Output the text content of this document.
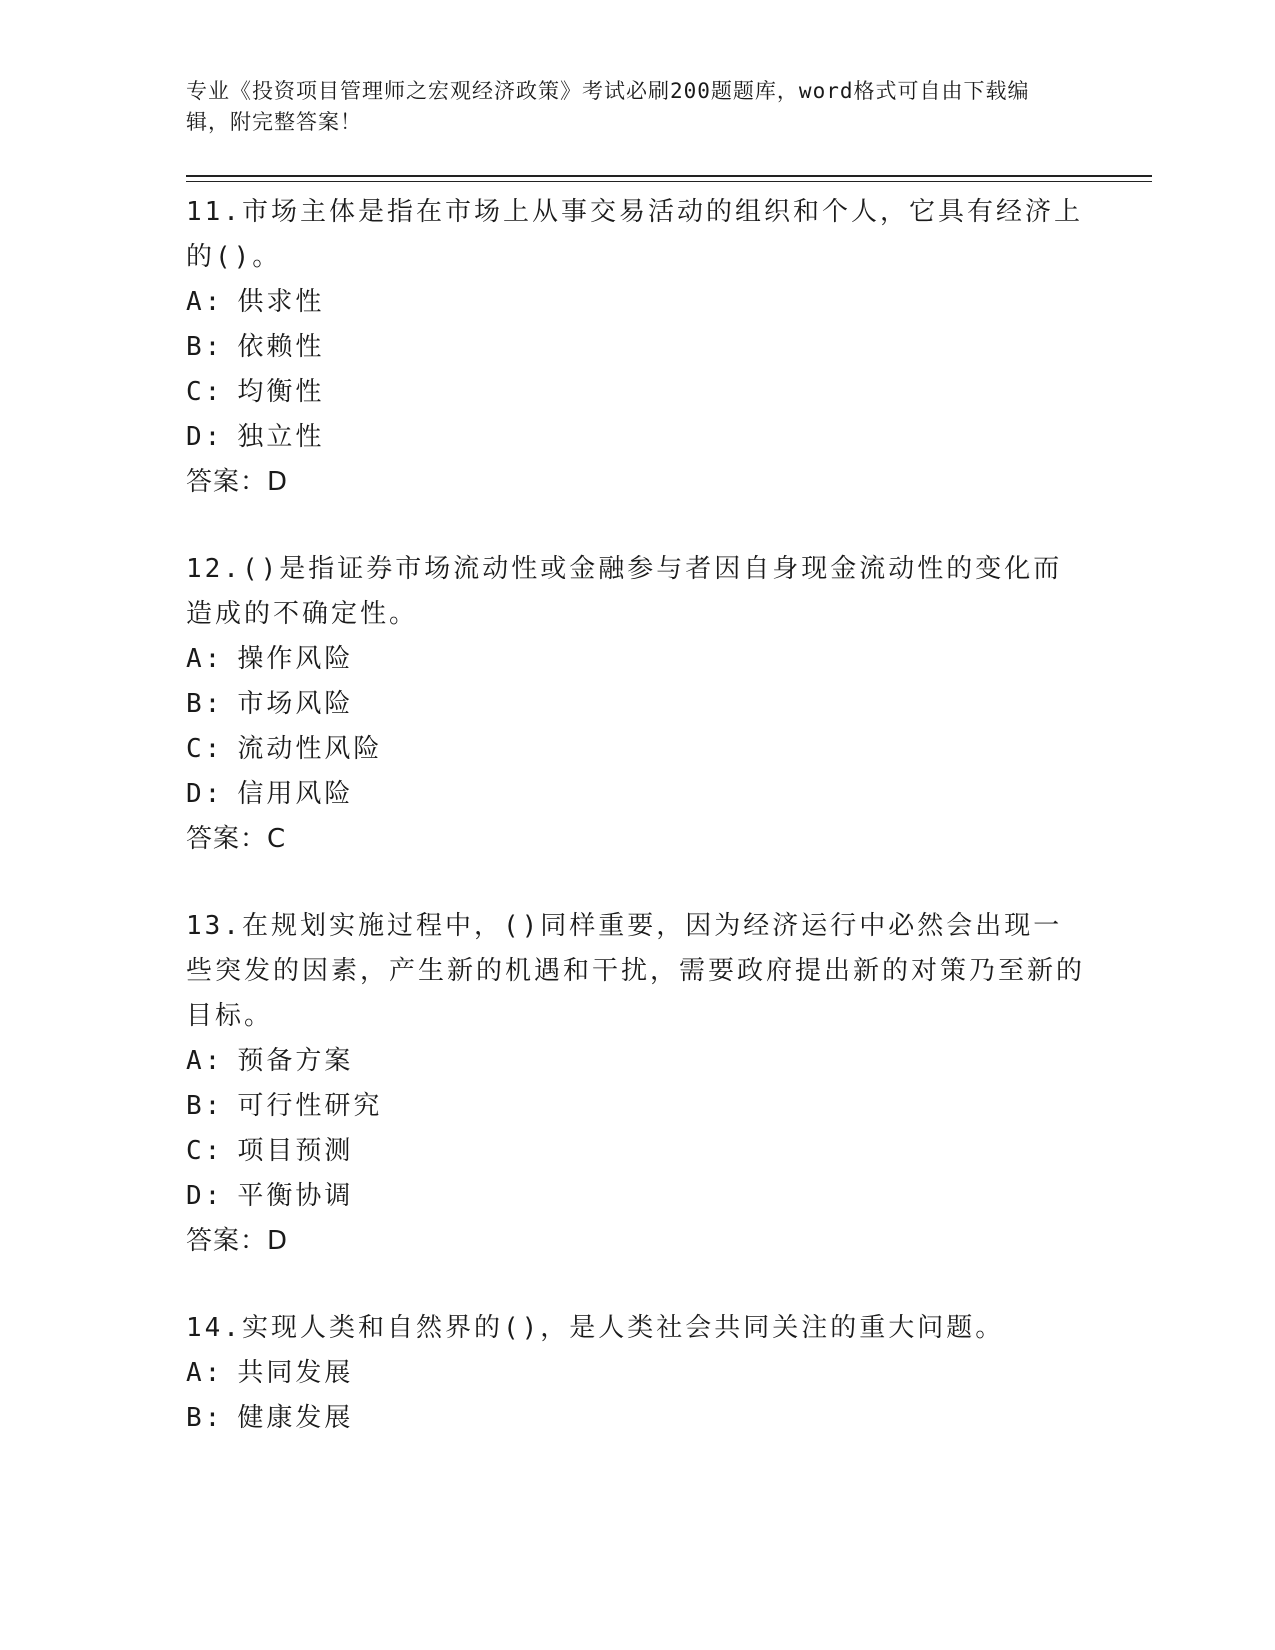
专业《投资项目管理师之宏观经济政策》考试必刷200题题库，word格式可自由下载编辑，附完整答案！

11.市场主体是指在市场上从事交易活动的组织和个人，它具有经济上的()。

A: 供求性

B: 依赖性

C: 均衡性

D: 独立性

答案：D

12.()是指证券市场流动性或金融参与者因自身现金流动性的变化而造成的不确定性。

A: 操作风险

B: 市场风险

C: 流动性风险

D: 信用风险

答案：C

13.在规划实施过程中，()同样重要，因为经济运行中必然会出现一些突发的因素，产生新的机遇和干扰，需要政府提出新的对策乃至新的目标。

A: 预备方案

B: 可行性研究

C: 项目预测

D: 平衡协调

答案：D

14.实现人类和自然界的()，是人类社会共同关注的重大问题。

A: 共同发展

B: 健康发展
